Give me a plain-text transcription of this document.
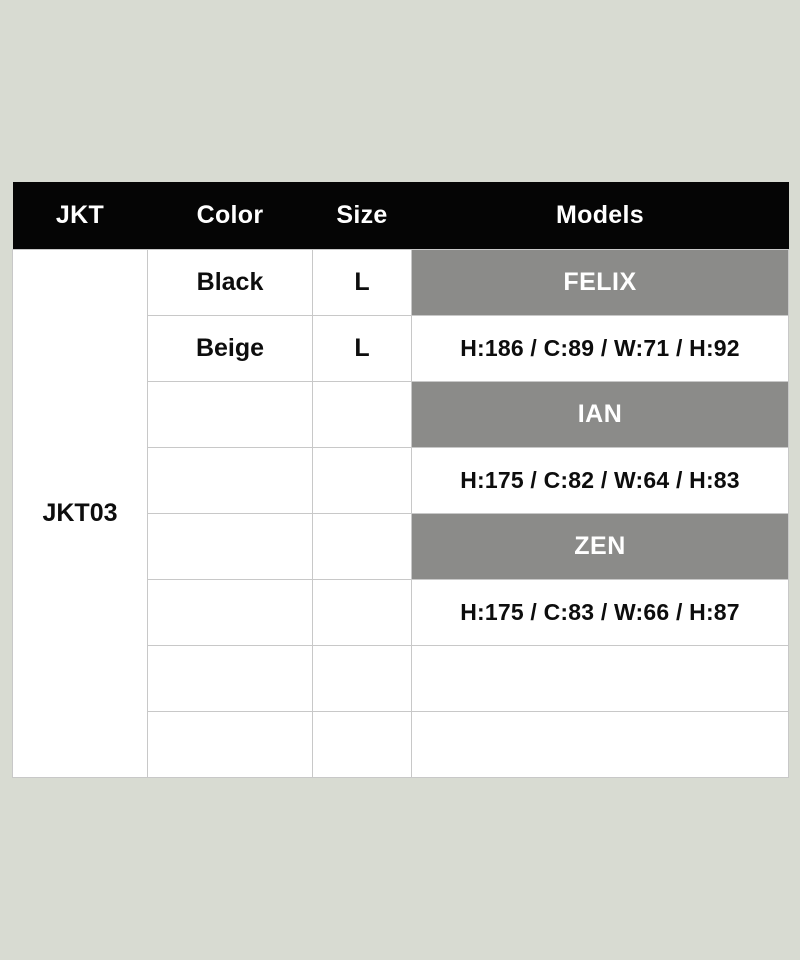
JKT	Color	Size	Models
JKT03	Black	L	FELIX
	Beige	L	H:186 / C:89 / W:71 / H:92
			IAN
			H:175 / C:82 / W:64 / H:83
			ZEN
			H:175 / C:83 / W:66 / H:87
